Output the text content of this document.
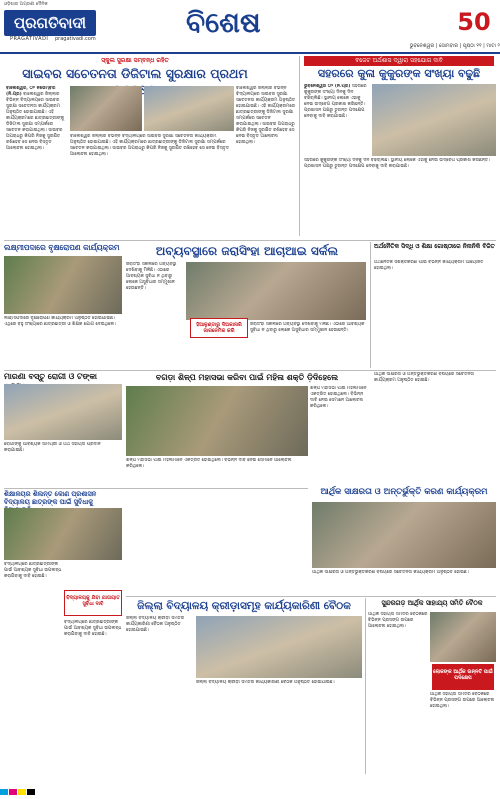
ଓଡ଼ିଶାର ଅଗ୍ରଣୀ ଦୈନିକ
ପ୍ରଗତିବାଦୀ
PRAGATIVADI pragativadi.com	ବିଶେଷ	50
ଭୁବନେଶ୍ୱର | ସୋମବାର | ପୃଷ୍ଠା ୧୧ | ମାଟା ୨
ସ୍କୁଲ ସୁରକ୍ଷା ସମ୍ବନ୍ଧ ରହିତ
ସାଇବର ସଚେତନତା ଡିଜିଟାଲ ସୁରକ୍ଷାର ପ୍ରଥମ
ବାଲେଶ୍ୱର, ୦୨ ନଭେମ୍ବର (ନି.ପ୍ର) ବାଲେଶ୍ୱର ଜିଲ୍ଲାର ବିଭିନ୍ନ ବିଦ୍ୟାଳୟରେ ସାଇବର ସୁରକ୍ଷା ସଚେତନତା କାର୍ଯ୍ୟକ୍ରମ ଅନୁଷ୍ଠିତ ହୋଇଯାଇଛି। ଏହି କାର୍ଯ୍ୟକ୍ରମରେ ଛାତ୍ରଛାତ୍ରୀଙ୍କୁ ଡିଜିଟାଲ ସୁରକ୍ଷା ସମ୍ପର୍କରେ ସଚେତନ କରାଯାଇଥିଲା। ସାଇବର ଅପରାଧରୁ କିପରି ନିଜକୁ ସୁରକ୍ଷିତ ରଖିହେବ ସେ ନେଇ ବିସ୍ତୃତ ଆଲୋଚନା ହୋଇଥିଲା।
ବାଲେଶ୍ୱର ଜିଲ୍ଲାର ବିଭିନ୍ନ ବିଦ୍ୟାଳୟରେ ସାଇବର ସୁରକ୍ଷା ସଚେତନତା କାର୍ଯ୍ୟକ୍ରମ ଅନୁଷ୍ଠିତ ହୋଇଯାଇଛି। ଏହି କାର୍ଯ୍ୟକ୍ରମରେ ଛାତ୍ରଛାତ୍ରୀଙ୍କୁ ଡିଜିଟାଲ ସୁରକ୍ଷା ସମ୍ପର୍କରେ ସଚେତନ କରାଯାଇଥିଲା। ସାଇବର ଅପରାଧରୁ କିପରି ନିଜକୁ ସୁରକ୍ଷିତ ରଖିହେବ ସେ ନେଇ ବିସ୍ତୃତ ଆଲୋଚନା ହୋଇଥିଲା।
ବାଲେଶ୍ୱର ଜିଲ୍ଲାର ବିଭିନ୍ନ ବିଦ୍ୟାଳୟରେ ସାଇବର ସୁରକ୍ଷା ସଚେତନତା କାର୍ଯ୍ୟକ୍ରମ ଅନୁଷ୍ଠିତ ହୋଇଯାଇଛି। ଏହି କାର୍ଯ୍ୟକ୍ରମରେ ଛାତ୍ରଛାତ୍ରୀଙ୍କୁ ଡିଜିଟାଲ ସୁରକ୍ଷା ସମ୍ପର୍କରେ ସଚେତନ କରାଯାଇଥିଲା। ସାଇବର ଅପରାଧରୁ କିପରି ନିଜକୁ ସୁରକ୍ଷିତ ରଖିହେବ ସେ ନେଇ ବିସ୍ତୃତ ଆଲୋଚନା ହୋଇଥିଲା।
ବଜେଟ ଅର୍ଥଶାସ ଦ୍ୱାରା ସହଯୋଗ ଦାବି
ସହରରେ କୁଳା କୁକୁରଙ୍କ ସଂଖ୍ୟା ବଢୁଛି
ଭୁବନେଶ୍ୱର ୦୨ (ନି.ପ୍ର) ସହରରେ କୁକୁରଙ୍କ ସଂଖ୍ୟା ଦିନକୁ ଦିନ ବଢିଚାଲିଛି। ସ୍ଥାନୀୟ ଲୋକେ ଏହାକୁ ନେଇ ଉଦ୍‌ବେଗ ପ୍ରକାଶ କରିଛନ୍ତି। ପ୍ରଶାସନ ପକ୍ଷରୁ ତୁରନ୍ତ ପଦକ୍ଷେପ ନେବାକୁ ଦାବି କରାଯାଇଛି।
ସହରରେ କୁକୁରଙ୍କ ସଂଖ୍ୟା ଦିନକୁ ଦିନ ବଢିଚାଲିଛି। ସ୍ଥାନୀୟ ଲୋକେ ଏହାକୁ ନେଇ ଉଦ୍‌ବେଗ ପ୍ରକାଶ କରିଛନ୍ତି। ପ୍ରଶାସନ ପକ୍ଷରୁ ତୁରନ୍ତ ପଦକ୍ଷେପ ନେବାକୁ ଦାବି କରାଯାଇଛି।
ଲକ୍ଷ୍ମୀପଦାରେ ବୃକ୍ଷରୋପଣ କାର୍ଯ୍ୟକ୍ରମ
ଲକ୍ଷ୍ମୀପଦାରେ ବୃକ୍ଷରୋପଣ କାର୍ଯ୍ୟକ୍ରମ ଅନୁଷ୍ଠିତ ହୋଇଯାଇଛି। ଏଥିରେ ବହୁ ସଂଖ୍ୟାରେ ଛାତ୍ରଛାତ୍ରୀ ଓ ଶିକ୍ଷକ ଯୋଗ ଦେଇଥିଲେ।
ଅବ୍ୟବସ୍ଥାରେ ଜରାସିଂହା ଆଚାଆଇ ସର୍କଲ
ଜରାସିଂହା ସର୍କଲରେ ଅବ୍ୟବସ୍ଥା ଦେଖିବାକୁ ମିଳିଛି। ଏଠାରେ ଆବଶ୍ୟକ ସୁବିଧା ନ ଥିବାରୁ ଲୋକେ ଅସୁବିଧାର ସମ୍ମୁଖୀନ ହେଉଛନ୍ତି।
ହିଆଳୁଣ୍ଡାରୁ ଦିଅକାନାରି ଜାରନେମିକ କରିି
ଜରାସିଂହା ସର୍କଲରେ ଅବ୍ୟବସ୍ଥା ଦେଖିବାକୁ ମିଳିଛି। ଏଠାରେ ଆବଶ୍ୟକ ସୁବିଧା ନ ଥିବାରୁ ଲୋକେ ଅସୁବିଧାର ସମ୍ମୁଖୀନ ହେଉଛନ୍ତି।
ଅର୍ଥନୈତିକ ସିଦ୍ଧି ଓ ଶିକ୍ଷା ଗୋଷ୍ଠୀରେ ନିନାନିକି ବିଜିତ
ଅର୍ଥନୈତିକ ସଶକ୍ତିକରଣ ପାଇଁ ବିଭିନ୍ନ କାର୍ଯ୍ୟକ୍ରମ ଆୟୋଜିତ ହୋଇଥିଲା।
ମାରଣା ବସ୍ତୁ ରୋଗୀ ଓ ଟଙ୍କା
ରୋଗୀଙ୍କୁ ଆବଶ୍ୟକ ସାମଗ୍ରୀ ଓ ଅର୍ଥ ସହାୟତା ପ୍ରଦାନ କରାଯାଇଛି।
ବଗଡ଼ା ଶିଳ୍ପ ମହାସଭା କରିବା ପାଇଁ ମହିଳା ଶକ୍ତି ଡ଼ିଦିହେଲେ
ଶିଳ୍ପ ମହାସଭା ପାଇଁ ମହିଳାମାନେ ଏକତ୍ରିତ ହୋଇଥିଲେ। ବିଭିନ୍ନ ଦାବି ନେଇ ସେମାନେ ଆଲୋଚନା କରିଥିଲେ।
ଶିଳ୍ପ ମହାସଭା ପାଇଁ ମହିଳାମାନେ ଏକତ୍ରିତ ହୋଇଥିଲେ। ବିଭିନ୍ନ ଦାବି ନେଇ ସେମାନେ ଆଲୋଚନା କରିଥିଲେ।
ଆର୍ଥିକ ସାକ୍ଷରତା ଓ ଅନ୍ତର୍ଭୁକ୍ତି କରଣ କାର୍ଯ୍ୟକ୍ରମ
ଆର୍ଥିକ ସାକ୍ଷରତା ଓ ଅନ୍ତର୍ଭୁକ୍ତିକରଣ ବିଷୟରେ ସଚେତନତା କାର୍ଯ୍ୟକ୍ରମ ଅନୁଷ୍ଠିତ ହୋଇଛି।
ଆର୍ଥିକ ସାକ୍ଷରତା ଓ ଅନ୍ତର୍ଭୁକ୍ତିକରଣ ବିଷୟରେ ସଚେତନତା କାର୍ଯ୍ୟକ୍ରମ ଅନୁଷ୍ଠିତ ହୋଇଛି।
ଶିକ୍ଷାଳୟର ଶିଲନ୍ତ କୋଣ ପ୍ରଶାସନ ବିଦ୍ୟାଳୟ ଛାତ୍ରଙ୍କ ପାଇଁ ସୁବିଧାକୁ
ବିଦ୍ୟାଳୟରେ ଛାତ୍ରଛାତ୍ରୀଙ୍କ ପାଇଁ ଆବଶ୍ୟକ ସୁବିଧା ଉପଲବ୍ଧ କରାଯିବାକୁ ଦାବି ହୋଇଛି।
ବିଦ୍ୟାଳୟକୁ ଯିବା ଯାତାୟାତ ସୁବିଧା ଦାବି
ବିଦ୍ୟାଳୟରେ ଛାତ୍ରଛାତ୍ରୀଙ୍କ ପାଇଁ ଆବଶ୍ୟକ ସୁବିଧା ଉପଲବ୍ଧ କରାଯିବାକୁ ଦାବି ହୋଇଛି।
ଜିଲ୍ଲା ବିଦ୍ୟାଳୟ କ୍ରୀଡ଼ାସମୂହ କାର୍ଯ୍ୟକାରିଣୀ ବୈଠକ
ଜିଲ୍ଲା ବିଦ୍ୟାଳୟ କ୍ରୀଡ଼ା ସମିତିର କାର୍ଯ୍ୟକାରିଣୀ ବୈଠକ ଅନୁଷ୍ଠିତ ହୋଇଯାଇଛି।
ଜିଲ୍ଲା ବିଦ୍ୟାଳୟ କ୍ରୀଡ଼ା ସମିତିର କାର୍ଯ୍ୟକାରିଣୀ ବୈଠକ ଅନୁଷ୍ଠିତ ହୋଇଯାଇଛି।
ସୁନ୍ଦରଗଡ଼ ଆର୍ଥିକ ସାହାଯ୍ୟ ସମିତି ବୈଠକ
ଆର୍ଥିକ ସହାୟତା ସମିତିର ବୈଠକରେ ବିଭିନ୍ନ ପ୍ରସଙ୍ଗ ଉପରେ ଆଲୋଚନା ହୋଇଥିଲା।
ଲୋକଙ୍କ ଆର୍ଥିକ ଉନ୍ନତି ପାଇଁ ପଦକ୍ଷେପ
ଆର୍ଥିକ ସହାୟତା ସମିତିର ବୈଠକରେ ବିଭିନ୍ନ ପ୍ରସଙ୍ଗ ଉପରେ ଆଲୋଚନା ହୋଇଥିଲା।
